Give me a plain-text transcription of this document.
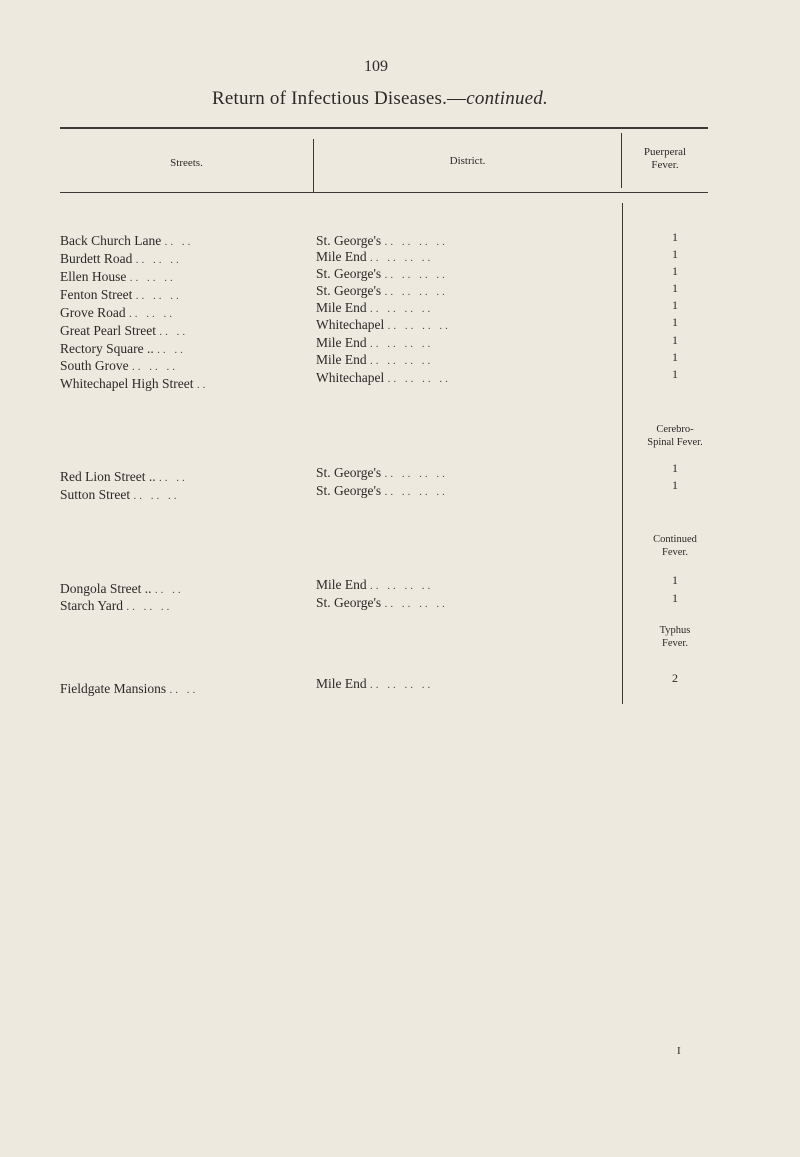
109
Return of Infectious Diseases.—continued.
Streets.	District.
Puerperal
Fever.
Back Church Lane .. ..	St. George's .. .. .. ..	1
Burdett Road .. .. ..	Mile End .. .. .. ..	1
Ellen House .. .. ..	St. George's .. .. .. ..	1
Fenton Street .. .. ..	St. George's .. .. .. ..	1
Grove Road .. .. ..	Mile End .. .. .. ..	1
Great Pearl Street .. ..	Whitechapel .. .. .. ..	1
Rectory Square .. .. ..	Mile End .. .. .. ..	1
South Grove .. .. ..	Mile End .. .. .. ..	1
Whitechapel High Street ..	Whitechapel .. .. .. ..	1
Cerebro-
Spinal Fever.
Red Lion Street .. .. ..	St. George's .. .. .. ..	1
Sutton Street .. .. ..	St. George's .. .. .. ..	1
Continued
Fever.
Dongola Street .. .. ..	Mile End .. .. .. ..	1
Starch Yard .. .. ..	St. George's .. .. .. ..	1
Typhus
Fever.
Fieldgate Mansions .. ..	Mile End .. .. .. ..	2
I
